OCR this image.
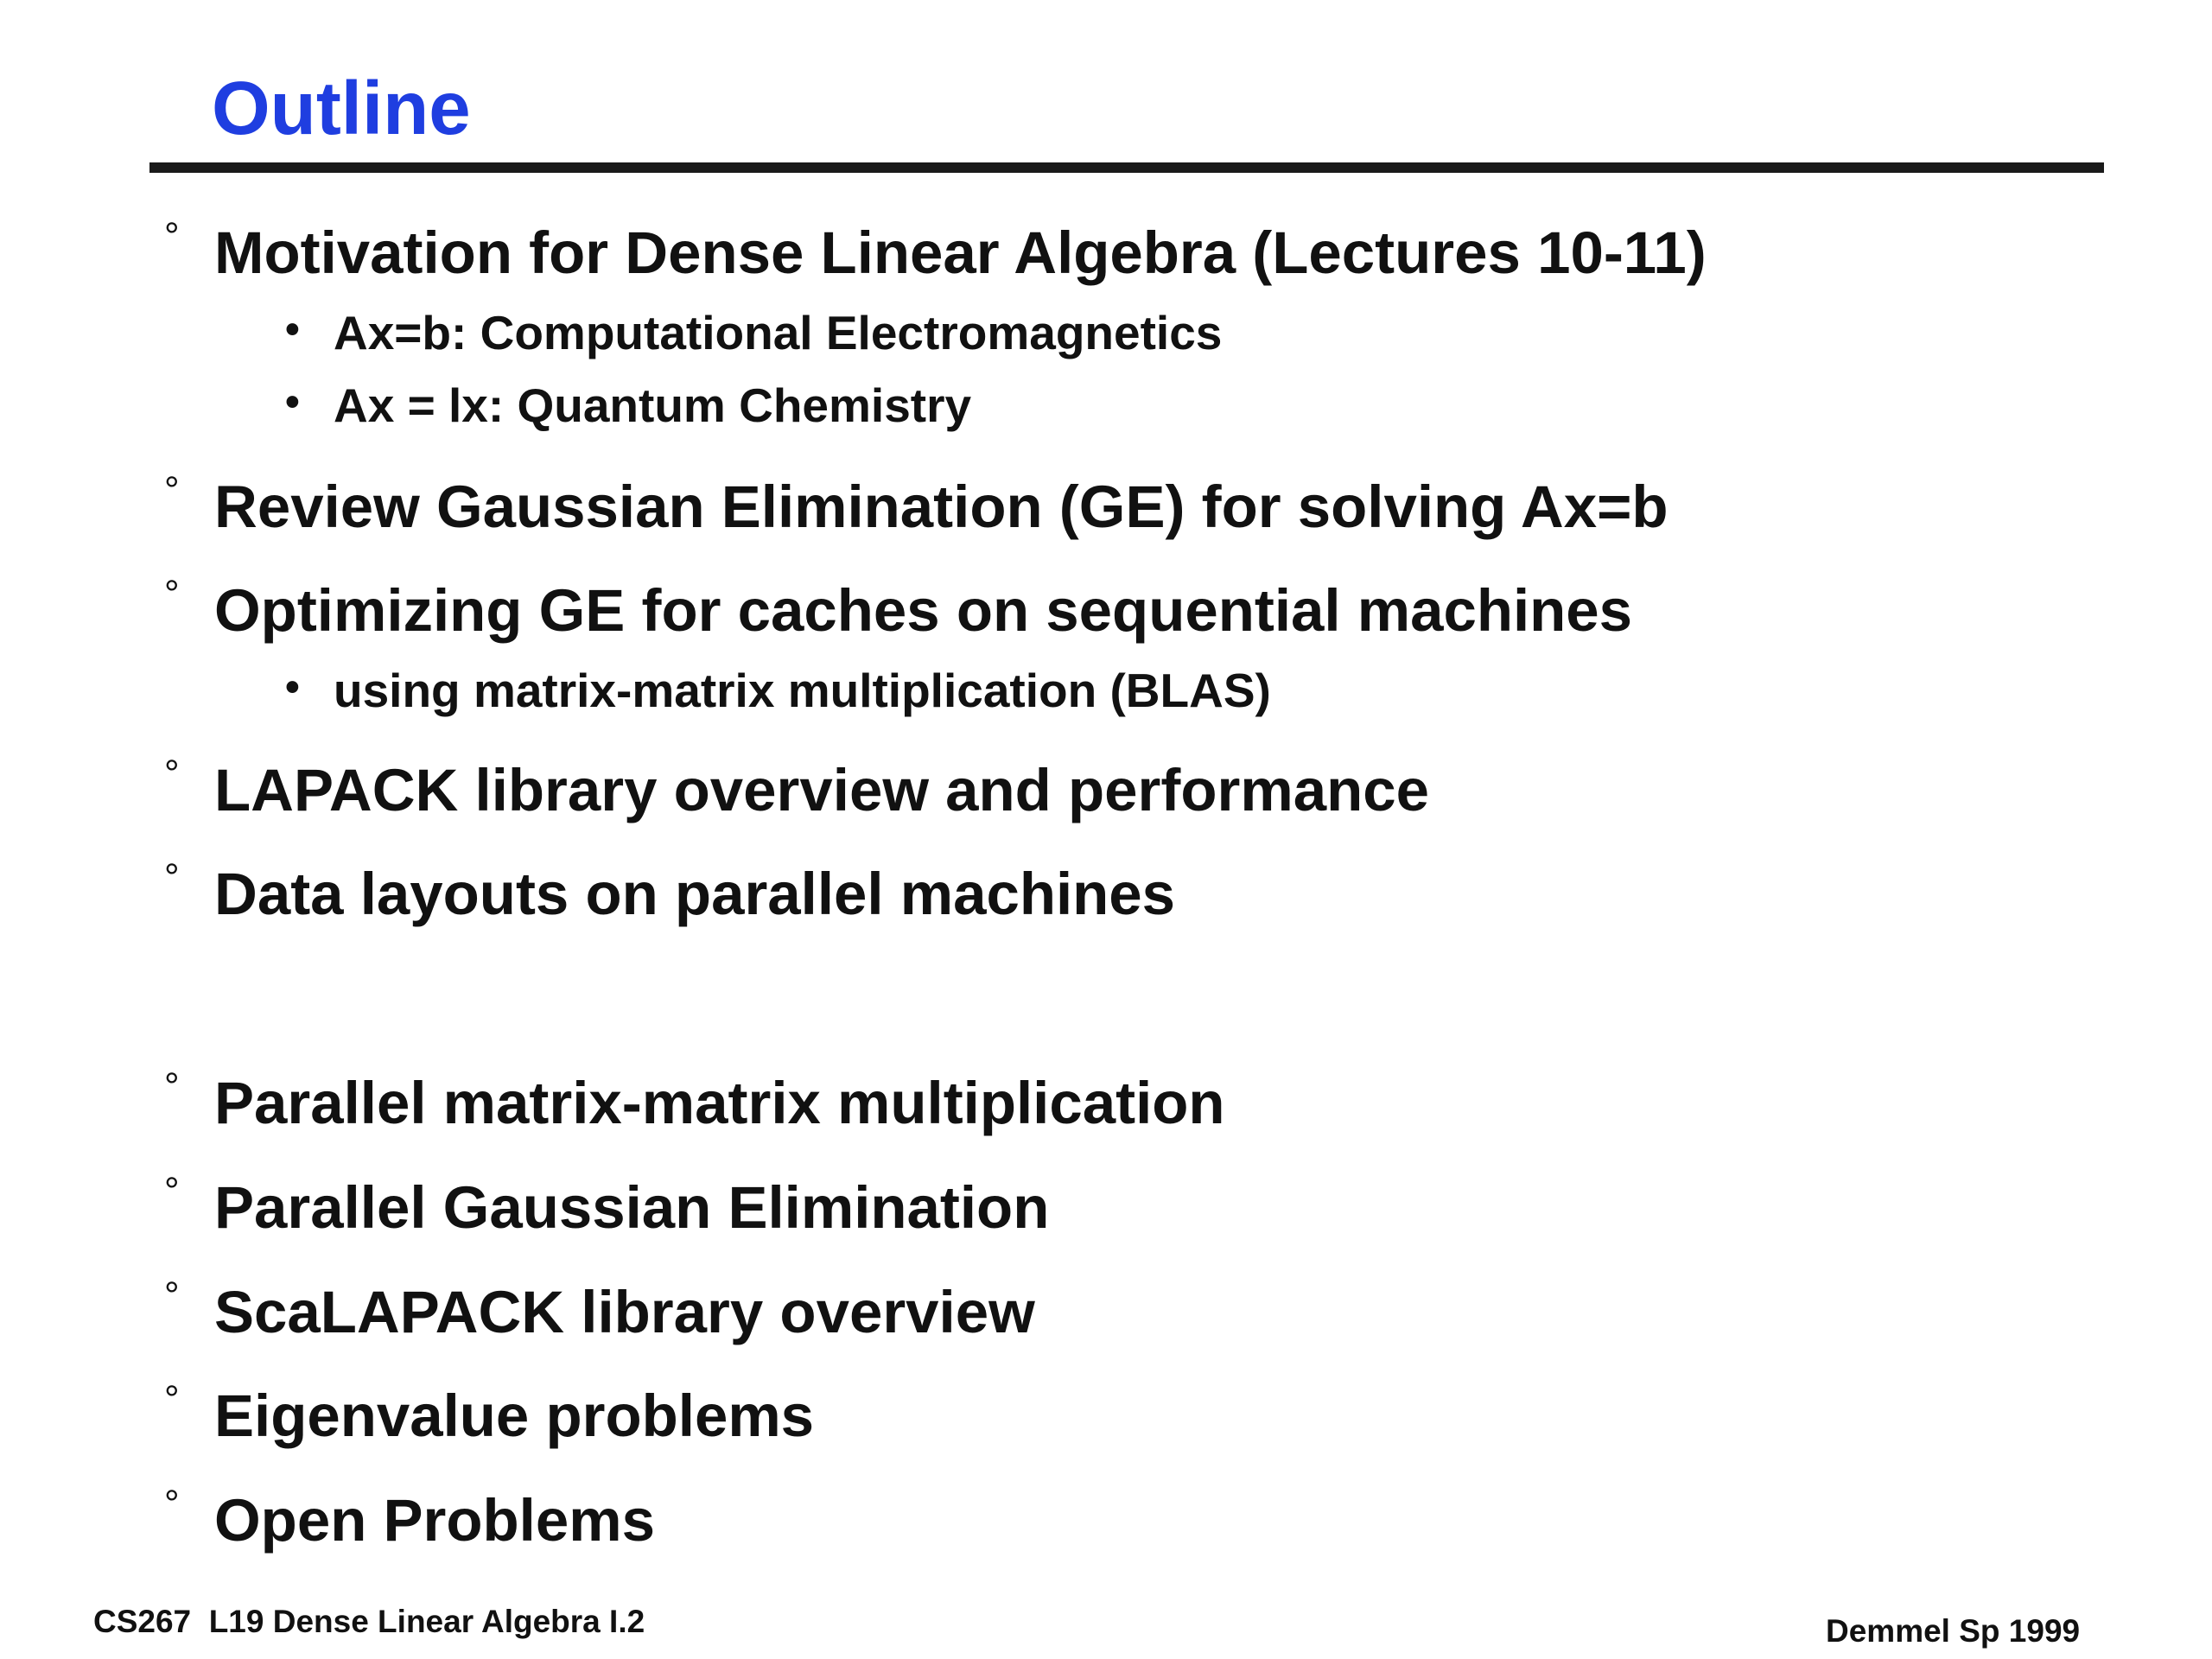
Outline
° Motivation for Dense Linear Algebra (Lectures 10-11)
• Ax=b: Computational Electromagnetics
• Ax = lx: Quantum Chemistry
° Review Gaussian Elimination (GE) for solving Ax=b
° Optimizing GE for caches on sequential machines
• using matrix-matrix multiplication (BLAS)
° LAPACK library overview and performance
° Data layouts on parallel machines
° Parallel matrix-matrix multiplication
° Parallel Gaussian Elimination
° ScaLAPACK library overview
° Eigenvalue problems
° Open Problems
CS267  L19 Dense Linear Algebra I.2	Demmel Sp 1999
